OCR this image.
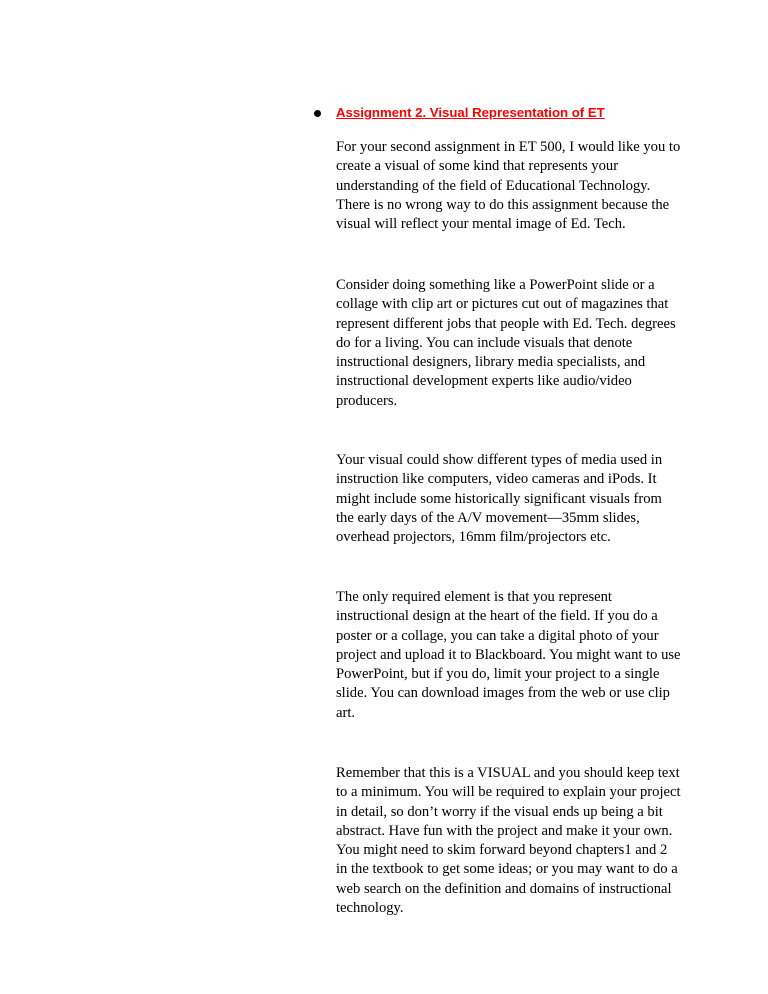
Assignment 2. Visual Representation of ET

For your second assignment in ET 500, I would like you to create a visual of some kind that represents your understanding of the field of Educational Technology. There is no wrong way to do this assignment because the visual will reflect your mental image of Ed. Tech.

Consider doing something like a PowerPoint slide or a collage with clip art or pictures cut out of magazines that represent different jobs that people with Ed. Tech. degrees do for a living. You can include visuals that denote instructional designers, library media specialists, and instructional development experts like audio/video producers.

Your visual could show different types of media used in instruction like computers, video cameras and iPods. It might include some historically significant visuals from the early days of the A/V movement—35mm slides, overhead projectors, 16mm film/projectors etc.

The only required element is that you represent instructional design at the heart of the field. If you do a poster or a collage, you can take a digital photo of your project and upload it to Blackboard. You might want to use PowerPoint, but if you do, limit your project to a single slide. You can download images from the web or use clip art.

Remember that this is a VISUAL and you should keep text to a minimum. You will be required to explain your project in detail, so don’t worry if the visual ends up being a bit abstract. Have fun with the project and make it your own. You might need to skim forward beyond chapters1 and 2 in the textbook to get some ideas; or you may want to do a web search on the definition and domains of instructional technology.
